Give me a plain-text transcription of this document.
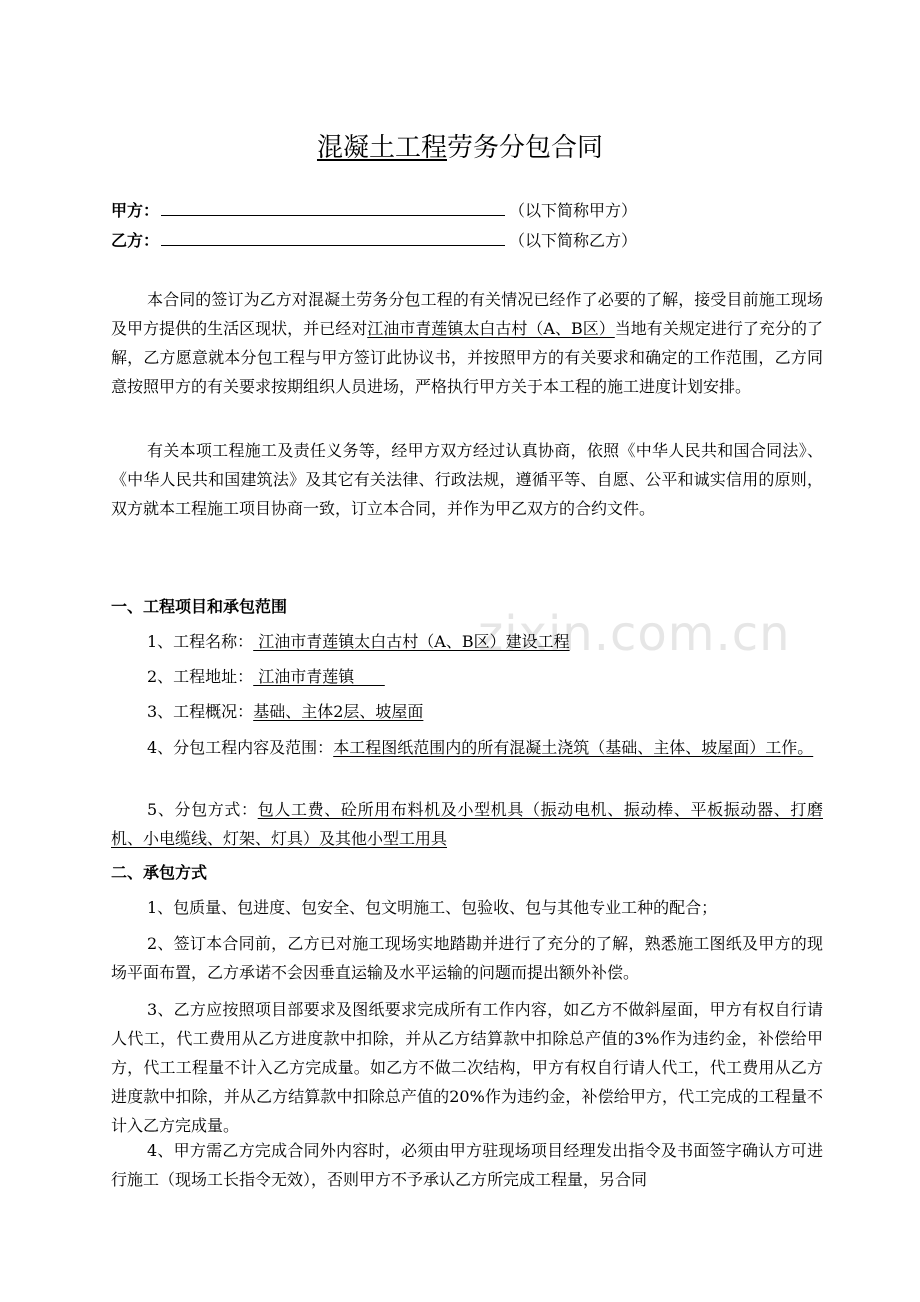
zixin.com.cn
混凝土工程劳务分包合同
甲方：	（以下简称甲方）
乙方：	（以下简称乙方）
本合同的签订为乙方对混凝土劳务分包工程的有关情况已经作了必要的了解，接受目前施工现场及甲方提供的生活区现状，并已经对江油市青莲镇太白古村（A、B区）当地有关规定进行了充分的了解，乙方愿意就本分包工程与甲方签订此协议书，并按照甲方的有关要求和确定的工作范围，乙方同意按照甲方的有关要求按期组织人员进场，严格执行甲方关于本工程的施工进度计划安排。
有关本项工程施工及责任义务等，经甲方双方经过认真协商，依照《中华人民共和国合同法》、《中华人民共和国建筑法》及其它有关法律、行政法规，遵循平等、自愿、公平和诚实信用的原则，双方就本工程施工项目协商一致，订立本合同，并作为甲乙双方的合约文件。
一、工程项目和承包范围
1、工程名称： 江油市青莲镇太白古村（A、B区）建设工程
2、工程地址： 江油市青莲镇
3、工程概况：基础、主体2层、坡屋面
4、分包工程内容及范围：本工程图纸范围内的所有混凝土浇筑（基础、主体、坡屋面）工作。
5、分包方式：包人工费、砼所用布料机及小型机具（振动电机、振动棒、平板振动器、打磨机、小电缆线、灯架、灯具）及其他小型工用具
二、承包方式
1、包质量、包进度、包安全、包文明施工、包验收、包与其他专业工种的配合；
2、签订本合同前，乙方已对施工现场实地踏勘并进行了充分的了解，熟悉施工图纸及甲方的现场平面布置，乙方承诺不会因垂直运输及水平运输的问题而提出额外补偿。
3、乙方应按照项目部要求及图纸要求完成所有工作内容，如乙方不做斜屋面，甲方有权自行请人代工，代工费用从乙方进度款中扣除，并从乙方结算款中扣除总产值的3%作为违约金，补偿给甲方，代工工程量不计入乙方完成量。如乙方不做二次结构，甲方有权自行请人代工，代工费用从乙方进度款中扣除，并从乙方结算款中扣除总产值的20%作为违约金，补偿给甲方，代工完成的工程量不计入乙方完成量。
4、甲方需乙方完成合同外内容时，必须由甲方驻现场项目经理发出指令及书面签字确认方可进行施工（现场工长指令无效），否则甲方不予承认乙方所完成工程量，另合同
